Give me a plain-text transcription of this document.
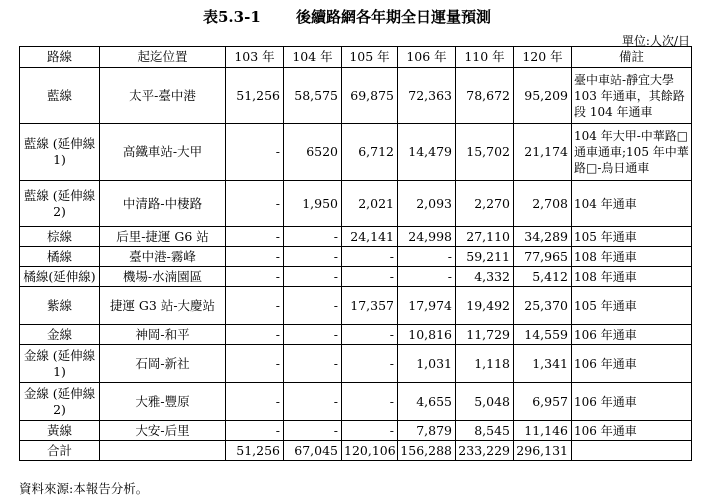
表5.3-1 後續路網各年期全日運量預測
單位:人次/日
路線	起迄位置	103 年	104 年	105 年	106 年	110 年	120 年	備註
藍線	太平-臺中港	51,256	58,575	69,875	72,363	78,672	95,209	臺中車站-靜宜大學 103 年通車，其餘路段 104 年通車
藍線 (延伸線 1)	高鐵車站-大甲	-	6520	6,712	14,479	15,702	21,174	104 年大甲-中華路□通車通車;105 年中華路□-烏日通車
藍線 (延伸線 2)	中清路-中棲路	-	1,950	2,021	2,093	2,270	2,708	104 年通車
棕線	后里-捷運 G6 站	-	-	24,141	24,998	27,110	34,289	105 年通車
橘線	臺中港-霧峰	-	-	-	-	59,211	77,965	108 年通車
橘線(延伸線)	機場-水湳園區	-	-	-	-	4,332	5,412	108 年通車
紫線	捷運 G3 站-大慶站	-	-	17,357	17,974	19,492	25,370	105 年通車
金線	神岡-和平	-	-	-	10,816	11,729	14,559	106 年通車
金線 (延伸線 1)	石岡-新社	-	-	-	1,031	1,118	1,341	106 年通車
金線 (延伸線 2)	大雅-豐原	-	-	-	4,655	5,048	6,957	106 年通車
黃線	大安-后里	-	-	-	7,879	8,545	11,146	106 年通車
合計		51,256	67,045	120,106	156,288	233,229	296,131	
資料來源:本報告分析。
